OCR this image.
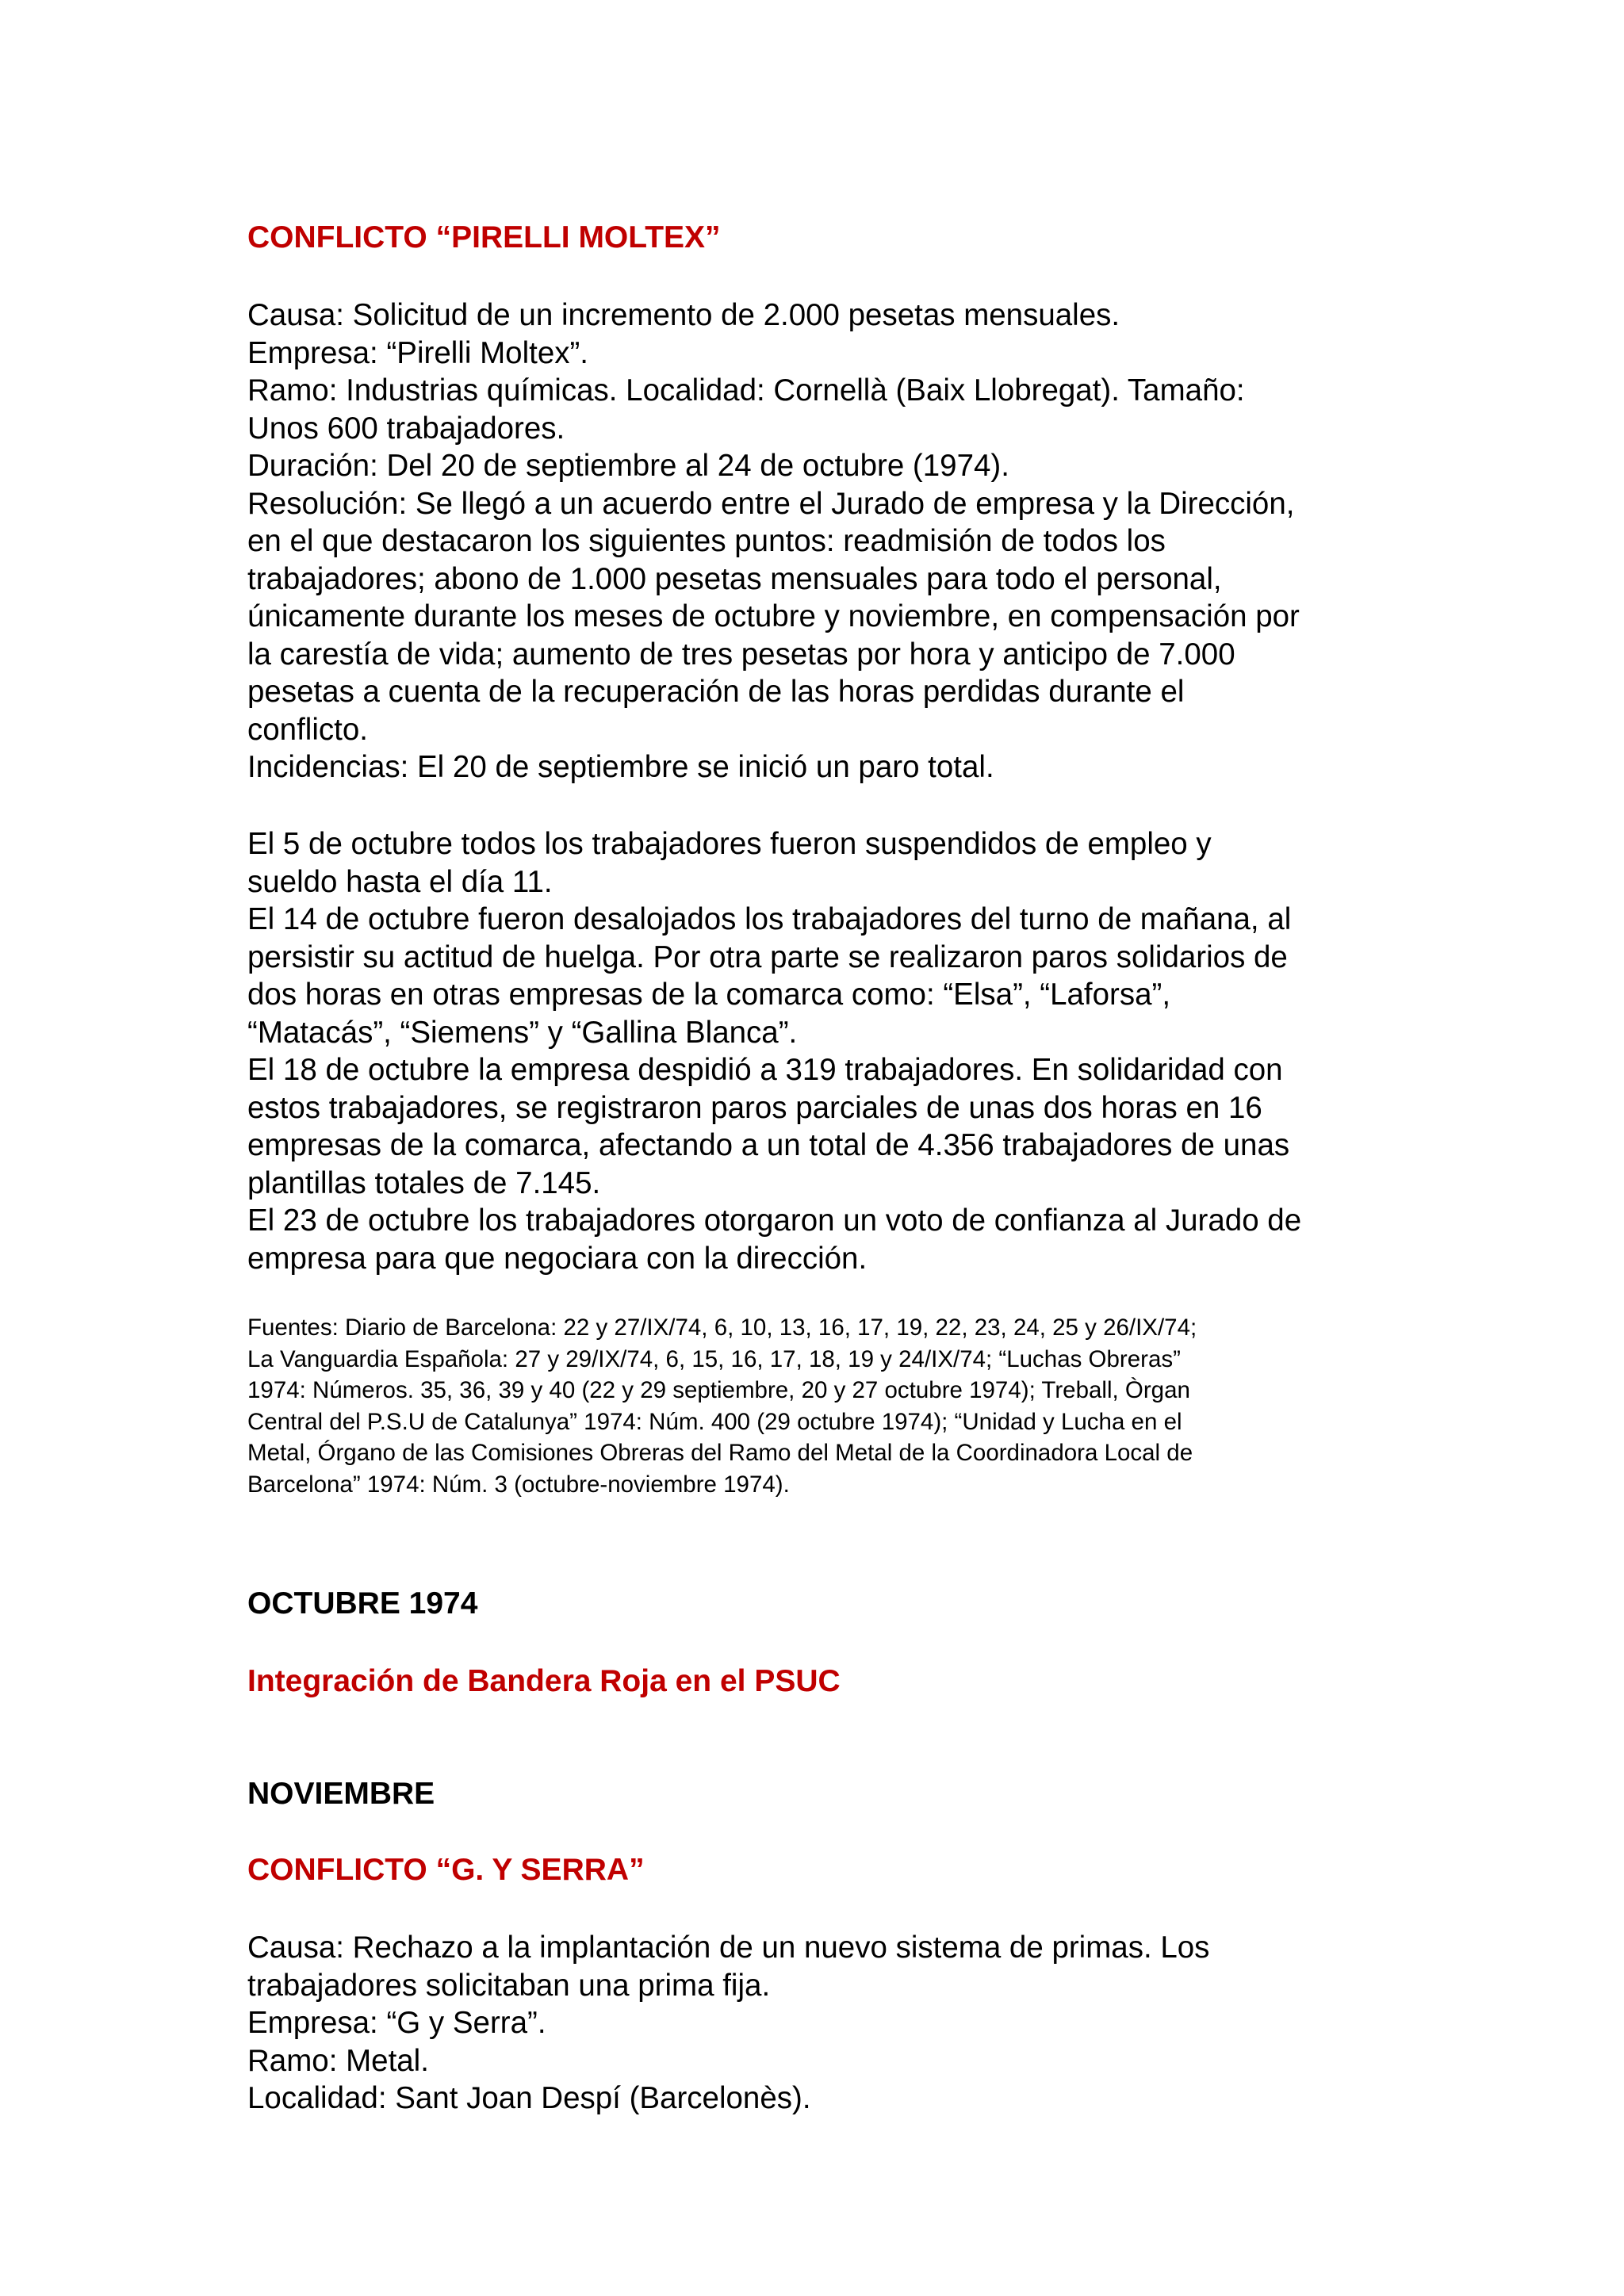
CONFLICTO “PIRELLI MOLTEX”
Causa: Solicitud de un incremento de 2.000 pesetas mensuales.
Empresa: “Pirelli Moltex”.
Ramo: Industrias químicas. Localidad: Cornellà (Baix Llobregat). Tamaño:
Unos 600 trabajadores.
Duración: Del 20 de septiembre al 24 de octubre (1974).
Resolución: Se llegó a un acuerdo entre el Jurado de empresa y la Dirección,
en el que destacaron los siguientes puntos: readmisión de todos los
trabajadores; abono de 1.000 pesetas mensuales para todo el personal,
únicamente durante los meses de octubre y noviembre, en compensación por
la carestía de vida; aumento de tres pesetas por hora y anticipo de 7.000
pesetas a cuenta de la recuperación de las horas perdidas durante el
conflicto.
Incidencias: El 20 de septiembre se inició un paro total.
El 5 de octubre todos los trabajadores fueron suspendidos de empleo y
sueldo hasta el día 11.
El 14 de octubre fueron desalojados los trabajadores del turno de mañana, al
persistir su actitud de huelga. Por otra parte se realizaron paros solidarios de
dos horas en otras empresas de la comarca como: “Elsa”, “Laforsa”,
“Matacás”, “Siemens” y “Gallina Blanca”.
El 18 de octubre la empresa despidió a 319 trabajadores. En solidaridad con
estos trabajadores, se registraron paros parciales de unas dos horas en 16
empresas de la comarca, afectando a un total de 4.356 trabajadores de unas
plantillas totales de 7.145.
El 23 de octubre los trabajadores otorgaron un voto de confianza al Jurado de
empresa para que negociara con la dirección.
Fuentes: Diario de Barcelona: 22 y 27/IX/74, 6, 10, 13, 16, 17, 19, 22, 23, 24, 25 y 26/IX/74;
La Vanguardia Española: 27 y 29/IX/74, 6, 15, 16, 17, 18, 19 y 24/IX/74; “Luchas Obreras”
1974: Números. 35, 36, 39 y 40 (22 y 29 septiembre, 20 y 27 octubre 1974); Treball, Òrgan
Central del P.S.U de Catalunya” 1974: Núm. 400 (29 octubre 1974); “Unidad y Lucha en el
Metal, Órgano de las Comisiones Obreras del Ramo del Metal de la Coordinadora Local de
Barcelona” 1974: Núm. 3 (octubre-noviembre 1974).
OCTUBRE 1974
Integración de Bandera Roja en el PSUC
NOVIEMBRE
CONFLICTO “G. Y SERRA”
Causa: Rechazo a la implantación de un nuevo sistema de primas. Los
trabajadores solicitaban una prima fija.
Empresa: “G y Serra”.
Ramo: Metal.
Localidad: Sant Joan Despí (Barcelonès).
